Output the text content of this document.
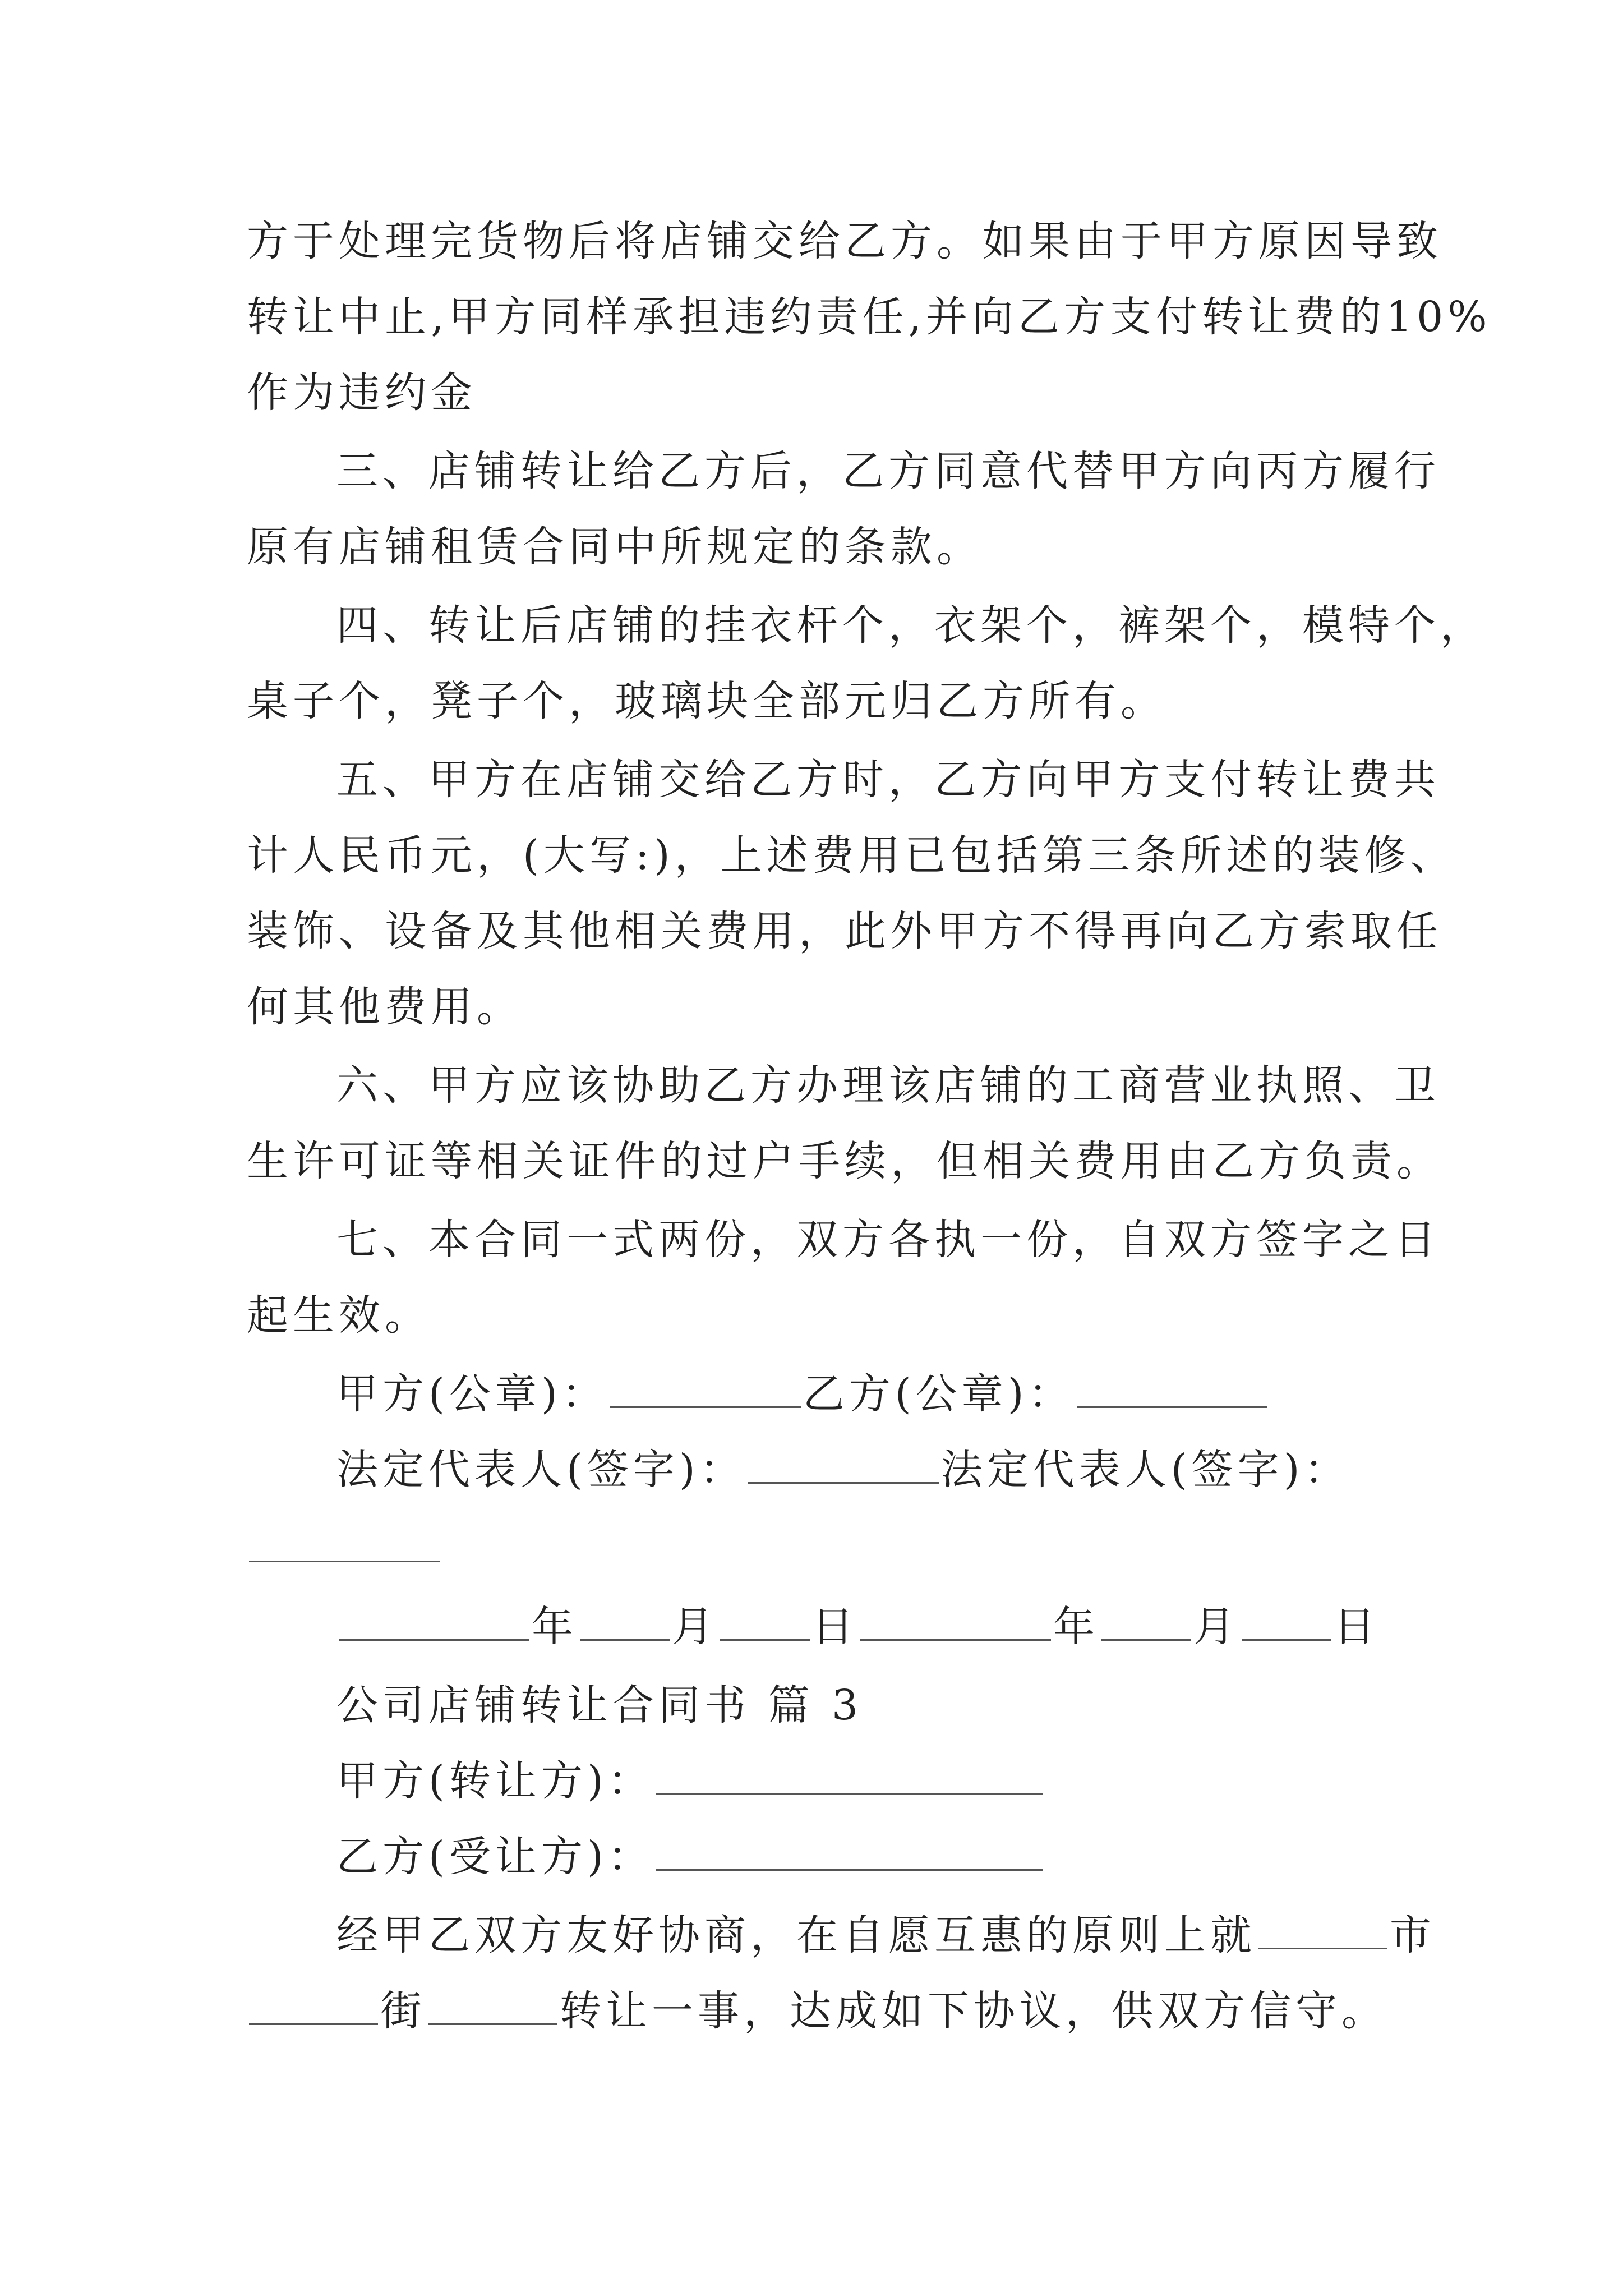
方于处理完货物后将店铺交给乙方。如果由于甲方原因导致
转让中止,甲方同样承担违约责任,并向乙方支付转让费的10%
作为违约金
三、店铺转让给乙方后，乙方同意代替甲方向丙方履行
原有店铺租赁合同中所规定的条款。
四、转让后店铺的挂衣杆个，衣架个，裤架个，模特个，
桌子个，凳子个，玻璃块全部元归乙方所有。
五、甲方在店铺交给乙方时，乙方向甲方支付转让费共
计人民币元，(大写:)，上述费用已包括第三条所述的装修、
装饰、设备及其他相关费用，此外甲方不得再向乙方索取任
何其他费用。
六、甲方应该协助乙方办理该店铺的工商营业执照、卫
生许可证等相关证件的过户手续，但相关费用由乙方负责。
七、本合同一式两份，双方各执一份，自双方签字之日
起生效。
甲方(公章)：	乙方(公章)：
法定代表人(签字)：	法定代表人(签字)：
年 月 日	年 月 日
公司店铺转让合同书 篇 3
甲方(转让方)：
乙方(受让方)：
经甲乙双方友好协商，在自愿互惠的原则上就	市
街	转让一事，达成如下协议，供双方信守。
